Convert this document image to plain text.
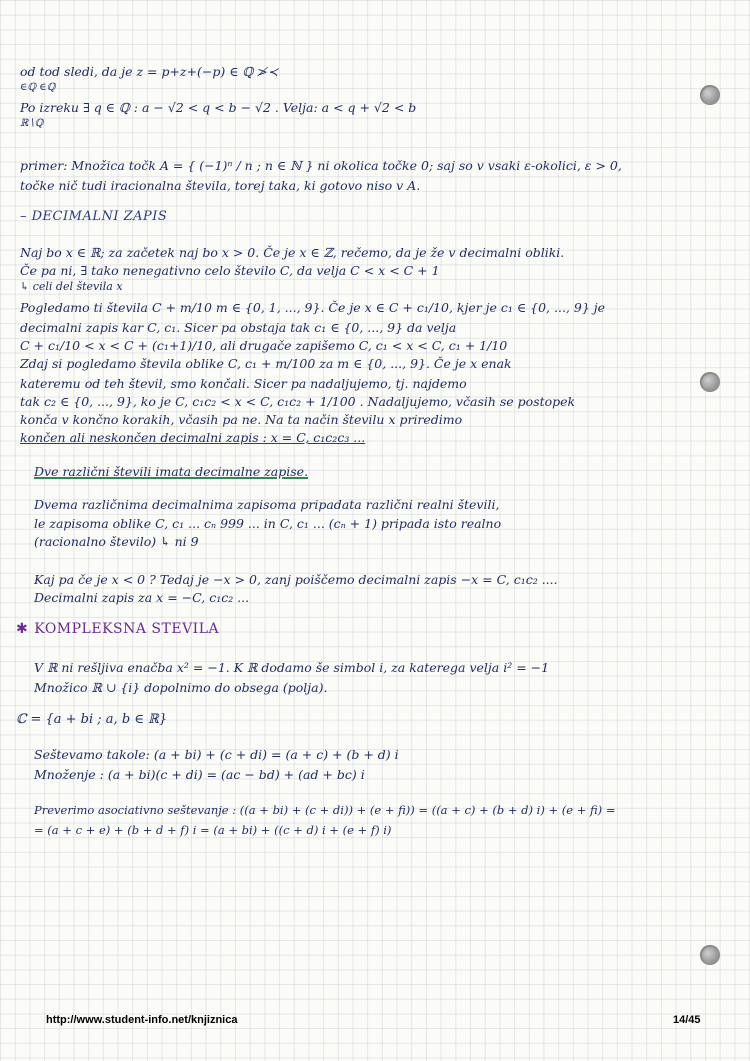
od tod sledi, da je z = p+z+(−p) ∈ ℚ ≯≺
∈ℚ ∈ℚ
Po izreku ∃ q ∈ ℚ : a − √2 < q < b − √2 . Velja: a < q + √2 < b
ℝ∖ℚ
primer: Množica točk A = { (−1)ⁿ / n ; n ∈ ℕ } ni okolica točke 0; saj so v vsaki ε-okolici, ε > 0,
točke nič tudi iracionalna števila, torej taka, ki gotovo niso v A.
– DECIMALNI ZAPIS
Naj bo x ∈ ℝ; za začetek naj bo x > 0. Če je x ∈ ℤ, rečemo, da je že v decimalni obliki.
Če pa ni, ∃ tako nenegativno celo število C, da velja C < x < C + 1
↳ celi del števila x
Pogledamo ti števila C + m/10 m ∈ {0, 1, ..., 9}. Če je x ∈ C + c₁/10, kjer je c₁ ∈ {0, ..., 9} je
decimalni zapis kar C, c₁. Sicer pa obstaja tak c₁ ∈ {0, ..., 9} da velja
C + c₁/10 < x < C + (c₁+1)/10, ali drugače zapišemo C, c₁ < x < C, c₁ + 1/10
Zdaj si pogledamo števila oblike C, c₁ + m/100 za m ∈ {0, ..., 9}. Če je x enak
kateremu od teh števil, smo končali. Sicer pa nadaljujemo, tj. najdemo
tak c₂ ∈ {0, ..., 9}, ko je C, c₁c₂ < x < C, c₁c₂ + 1/100 . Nadaljujemo, včasih se postopek
konča v končno korakih, včasih pa ne. Na ta način številu x priredimo
končen ali neskončen decimalni zapis : x = C, c₁c₂c₃ ...
Dve različni števili imata decimalne zapise.
Dvema različnima decimalnima zapisoma pripadata različni realni števili,
le zapisoma oblike C, c₁ ... cₙ 999 ... in C, c₁ ... (cₙ + 1) pripada isto realno
(racionalno število) ↳ ni 9
Kaj pa če je x < 0 ? Tedaj je −x > 0, zanj poiščemo decimalni zapis −x = C, c₁c₂ ....
Decimalni zapis za x = −C, c₁c₂ ...
✱ KOMPLEKSNA ŠTEVILA
V ℝ ni rešljiva enačba x² = −1. K ℝ dodamo še simbol i, za katerega velja i² = −1
Množico ℝ ∪ {i} dopolnimo do obsega (polja).
ℂ = {a + bi ; a, b ∈ ℝ}
Seštevamo takole: (a + bi) + (c + di) = (a + c) + (b + d) i
Množenje : (a + bi)(c + di) = (ac − bd) + (ad + bc) i
Preverimo asociativno seštevanje : ((a + bi) + (c + di)) + (e + fi)) = ((a + c) + (b + d) i) + (e + fi) =
= (a + c + e) + (b + d + f) i = (a + bi) + ((c + d) i + (e + f) i)
http://www.student-info.net/knjiznica	14/45
